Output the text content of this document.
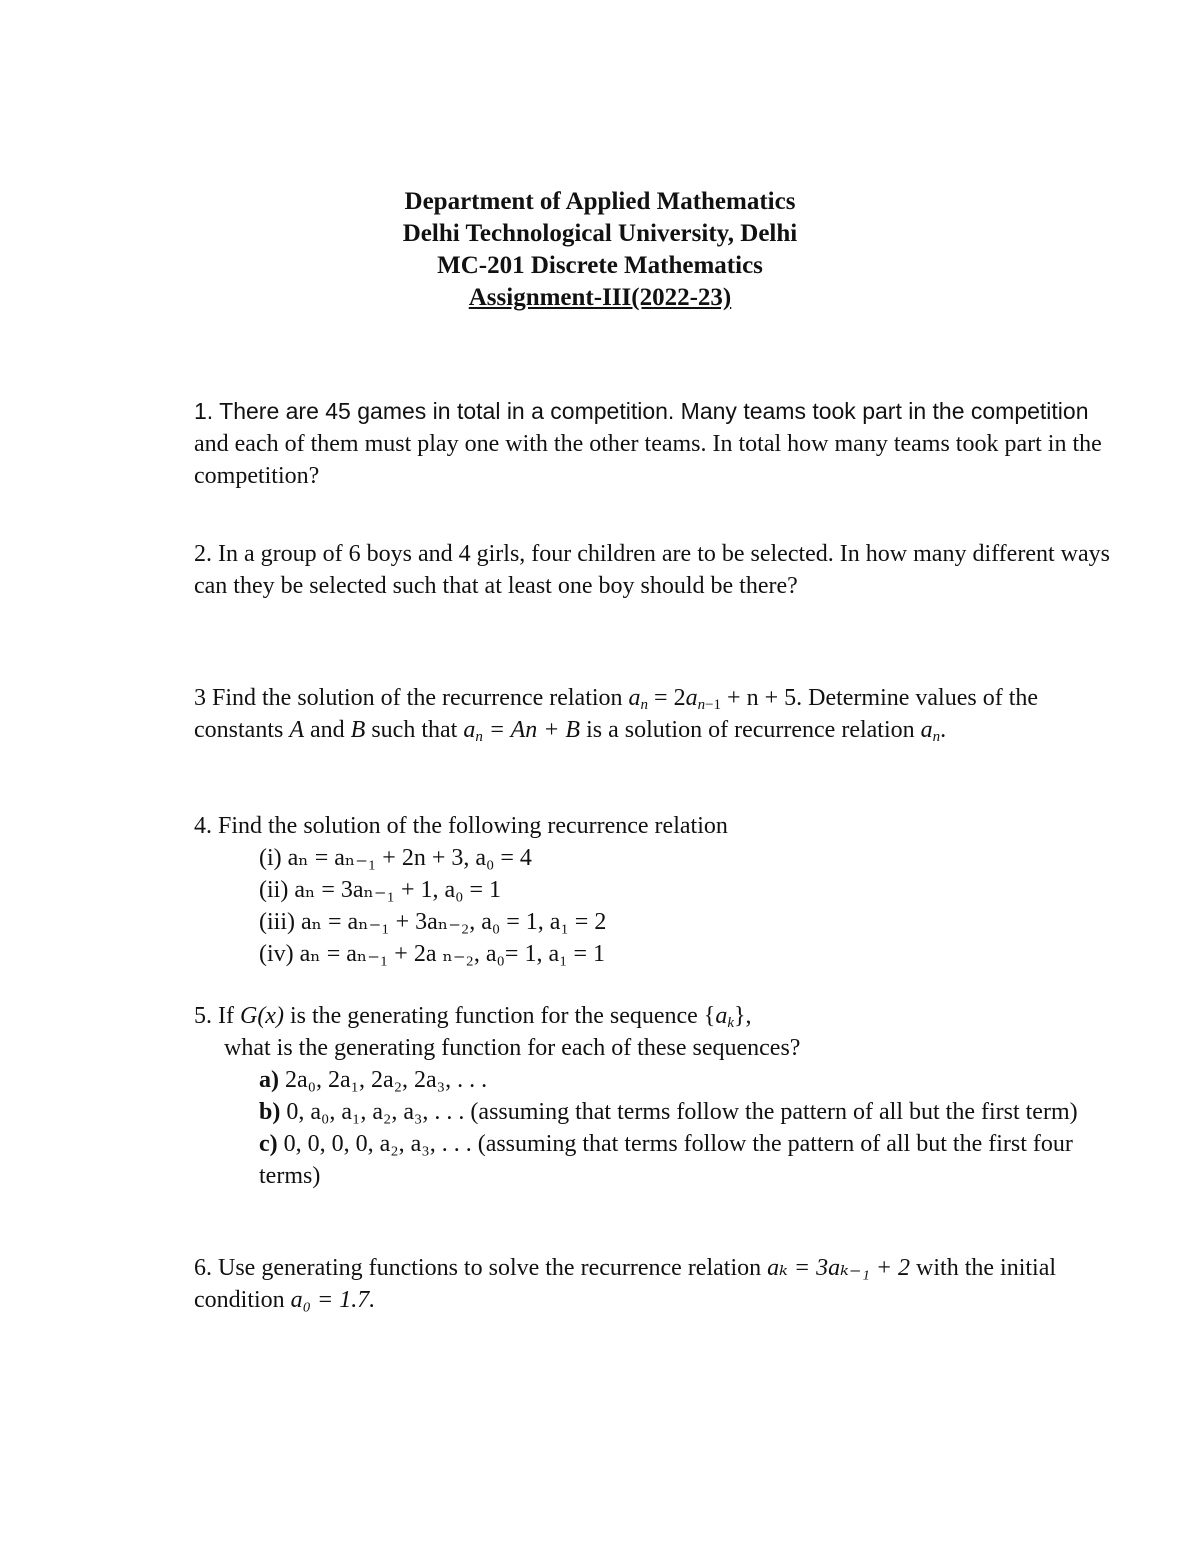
Department of Applied Mathematics
Delhi Technological University, Delhi
MC-201 Discrete Mathematics
Assignment-III(2022-23)
1. There are 45 games in total in a competition. Many teams took part in the competition and each of them must play one with the other teams. In total how many teams took part in the competition?
2. In a group of 6 boys and 4 girls, four children are to be selected. In how many different ways can they be selected such that at least one boy should be there?
3 Find the solution of the recurrence relation $a_n = 2a_{n-1} + n + 5$. Determine values of the constants A and B such that $a_n = An + B$ is a solution of recurrence relation $a_n$.
4. Find the solution of the following recurrence relation
(i) aₙ = aₙ₋₁ + 2n + 3, a₀ = 4
(ii) aₙ = 3aₙ₋₁ + 1, a₀ = 1
(iii) aₙ = aₙ₋₁ + 3aₙ₋₂, a₀ = 1, a₁ = 2
(iv) aₙ = aₙ₋₁ + 2a ₙ₋₂, a₀= 1, a₁ = 1
5. If G(x) is the generating function for the sequence $\{a_k\}$,
what is the generating function for each of these sequences?
a) 2a₀, 2a₁, 2a₂, 2a₃, . . .
b) 0, a₀, a₁, a₂, a₃, . . . (assuming that terms follow the pattern of all but the first term)
c) 0, 0, 0, 0, a₂, a₃, . . . (assuming that terms follow the pattern of all but the first four terms)
6. Use generating functions to solve the recurrence relation aₖ = 3aₖ₋₁ + 2 with the initial condition a₀ = 1.7.
